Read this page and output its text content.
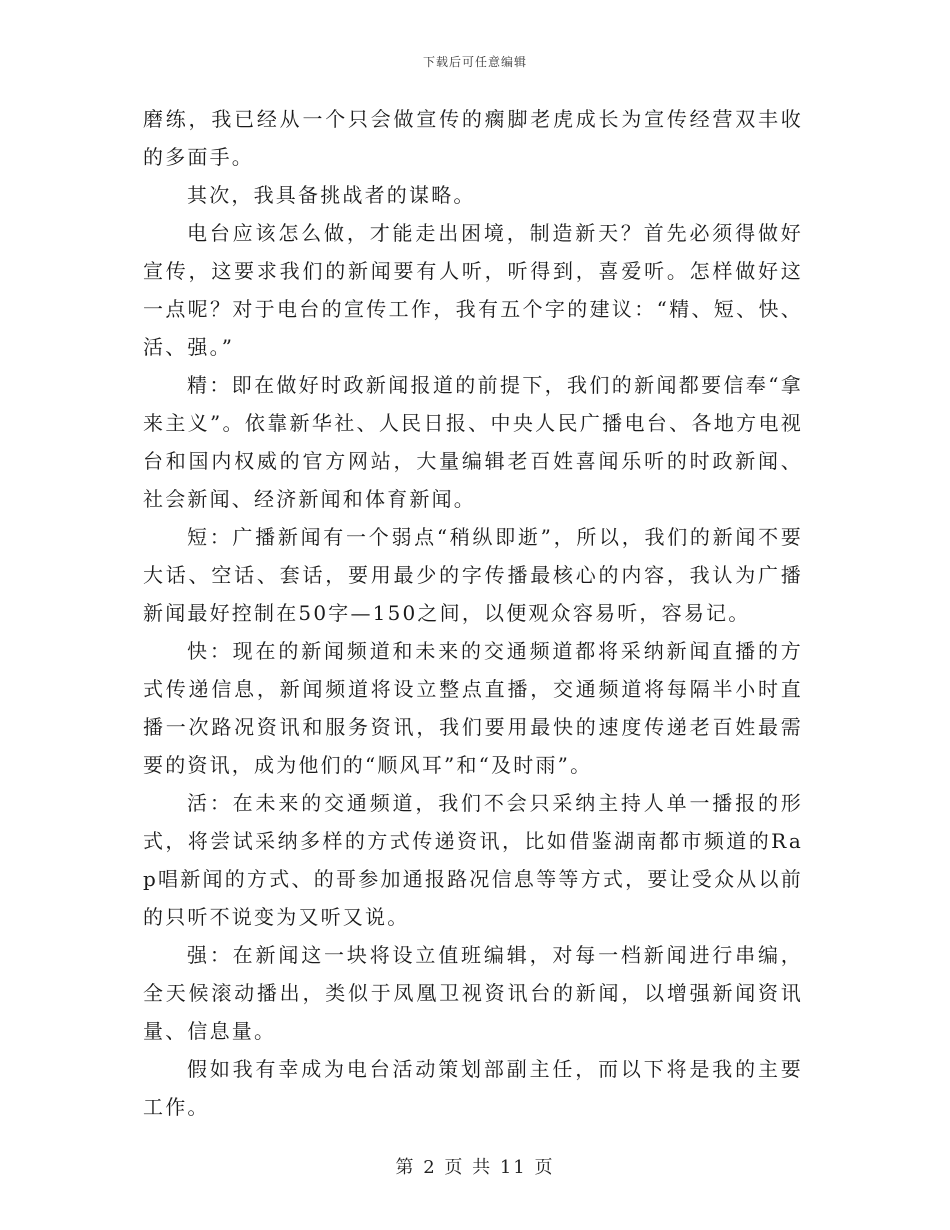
下载后可任意编辑

磨练，我已经从一个只会做宣传的瘸脚老虎成长为宣传经营双丰收的多面手。

其次，我具备挑战者的谋略。

电台应该怎么做，才能走出困境，制造新天？首先必须得做好宣传，这要求我们的新闻要有人听，听得到，喜爱听。怎样做好这一点呢？对于电台的宣传工作，我有五个字的建议：“精、短、快、活、强。”

精：即在做好时政新闻报道的前提下，我们的新闻都要信奉“拿来主义”。依靠新华社、人民日报、中央人民广播电台、各地方电视台和国内权威的官方网站，大量编辑老百姓喜闻乐听的时政新闻、社会新闻、经济新闻和体育新闻。

短：广播新闻有一个弱点“稍纵即逝”，所以，我们的新闻不要大话、空话、套话，要用最少的字传播最核心的内容，我认为广播新闻最好控制在50字—150之间，以便观众容易听，容易记。

快：现在的新闻频道和未来的交通频道都将采纳新闻直播的方式传递信息，新闻频道将设立整点直播，交通频道将每隔半小时直播一次路况资讯和服务资讯，我们要用最快的速度传递老百姓最需要的资讯，成为他们的“顺风耳”和“及时雨”。

活：在未来的交通频道，我们不会只采纳主持人单一播报的形式，将尝试采纳多样的方式传递资讯，比如借鉴湖南都市频道的Rap唱新闻的方式、的哥参加通报路况信息等等方式，要让受众从以前的只听不说变为又听又说。

强：在新闻这一块将设立值班编辑，对每一档新闻进行串编，全天候滚动播出，类似于凤凰卫视资讯台的新闻，以增强新闻资讯量、信息量。

假如我有幸成为电台活动策划部副主任，而以下将是我的主要工作。

第 2 页 共 11 页
